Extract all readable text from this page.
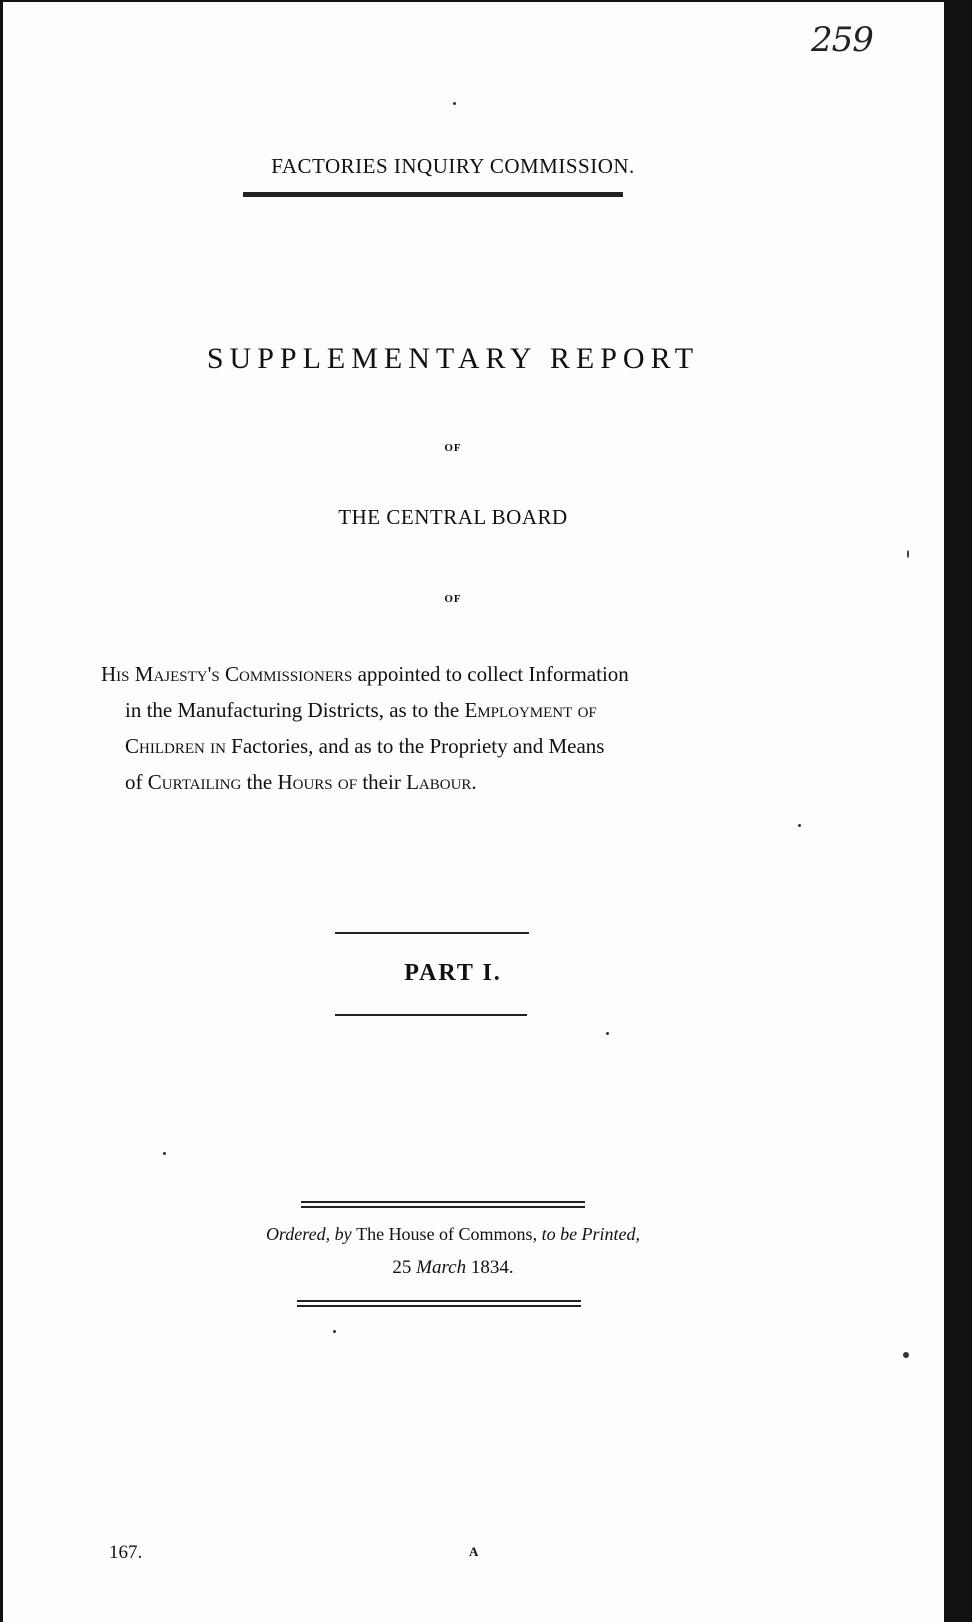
259
FACTORIES INQUIRY COMMISSION.
SUPPLEMENTARY REPORT
OF
THE CENTRAL BOARD
OF
His Majesty's Commissioners appointed to collect Information
in the Manufacturing Districts, as to the Employment of
Children in Factories, and as to the Propriety and Means
of Curtailing the Hours of their Labour.
PART I.
Ordered, by The House of Commons, to be Printed,
25 March 1834.
167.	A
